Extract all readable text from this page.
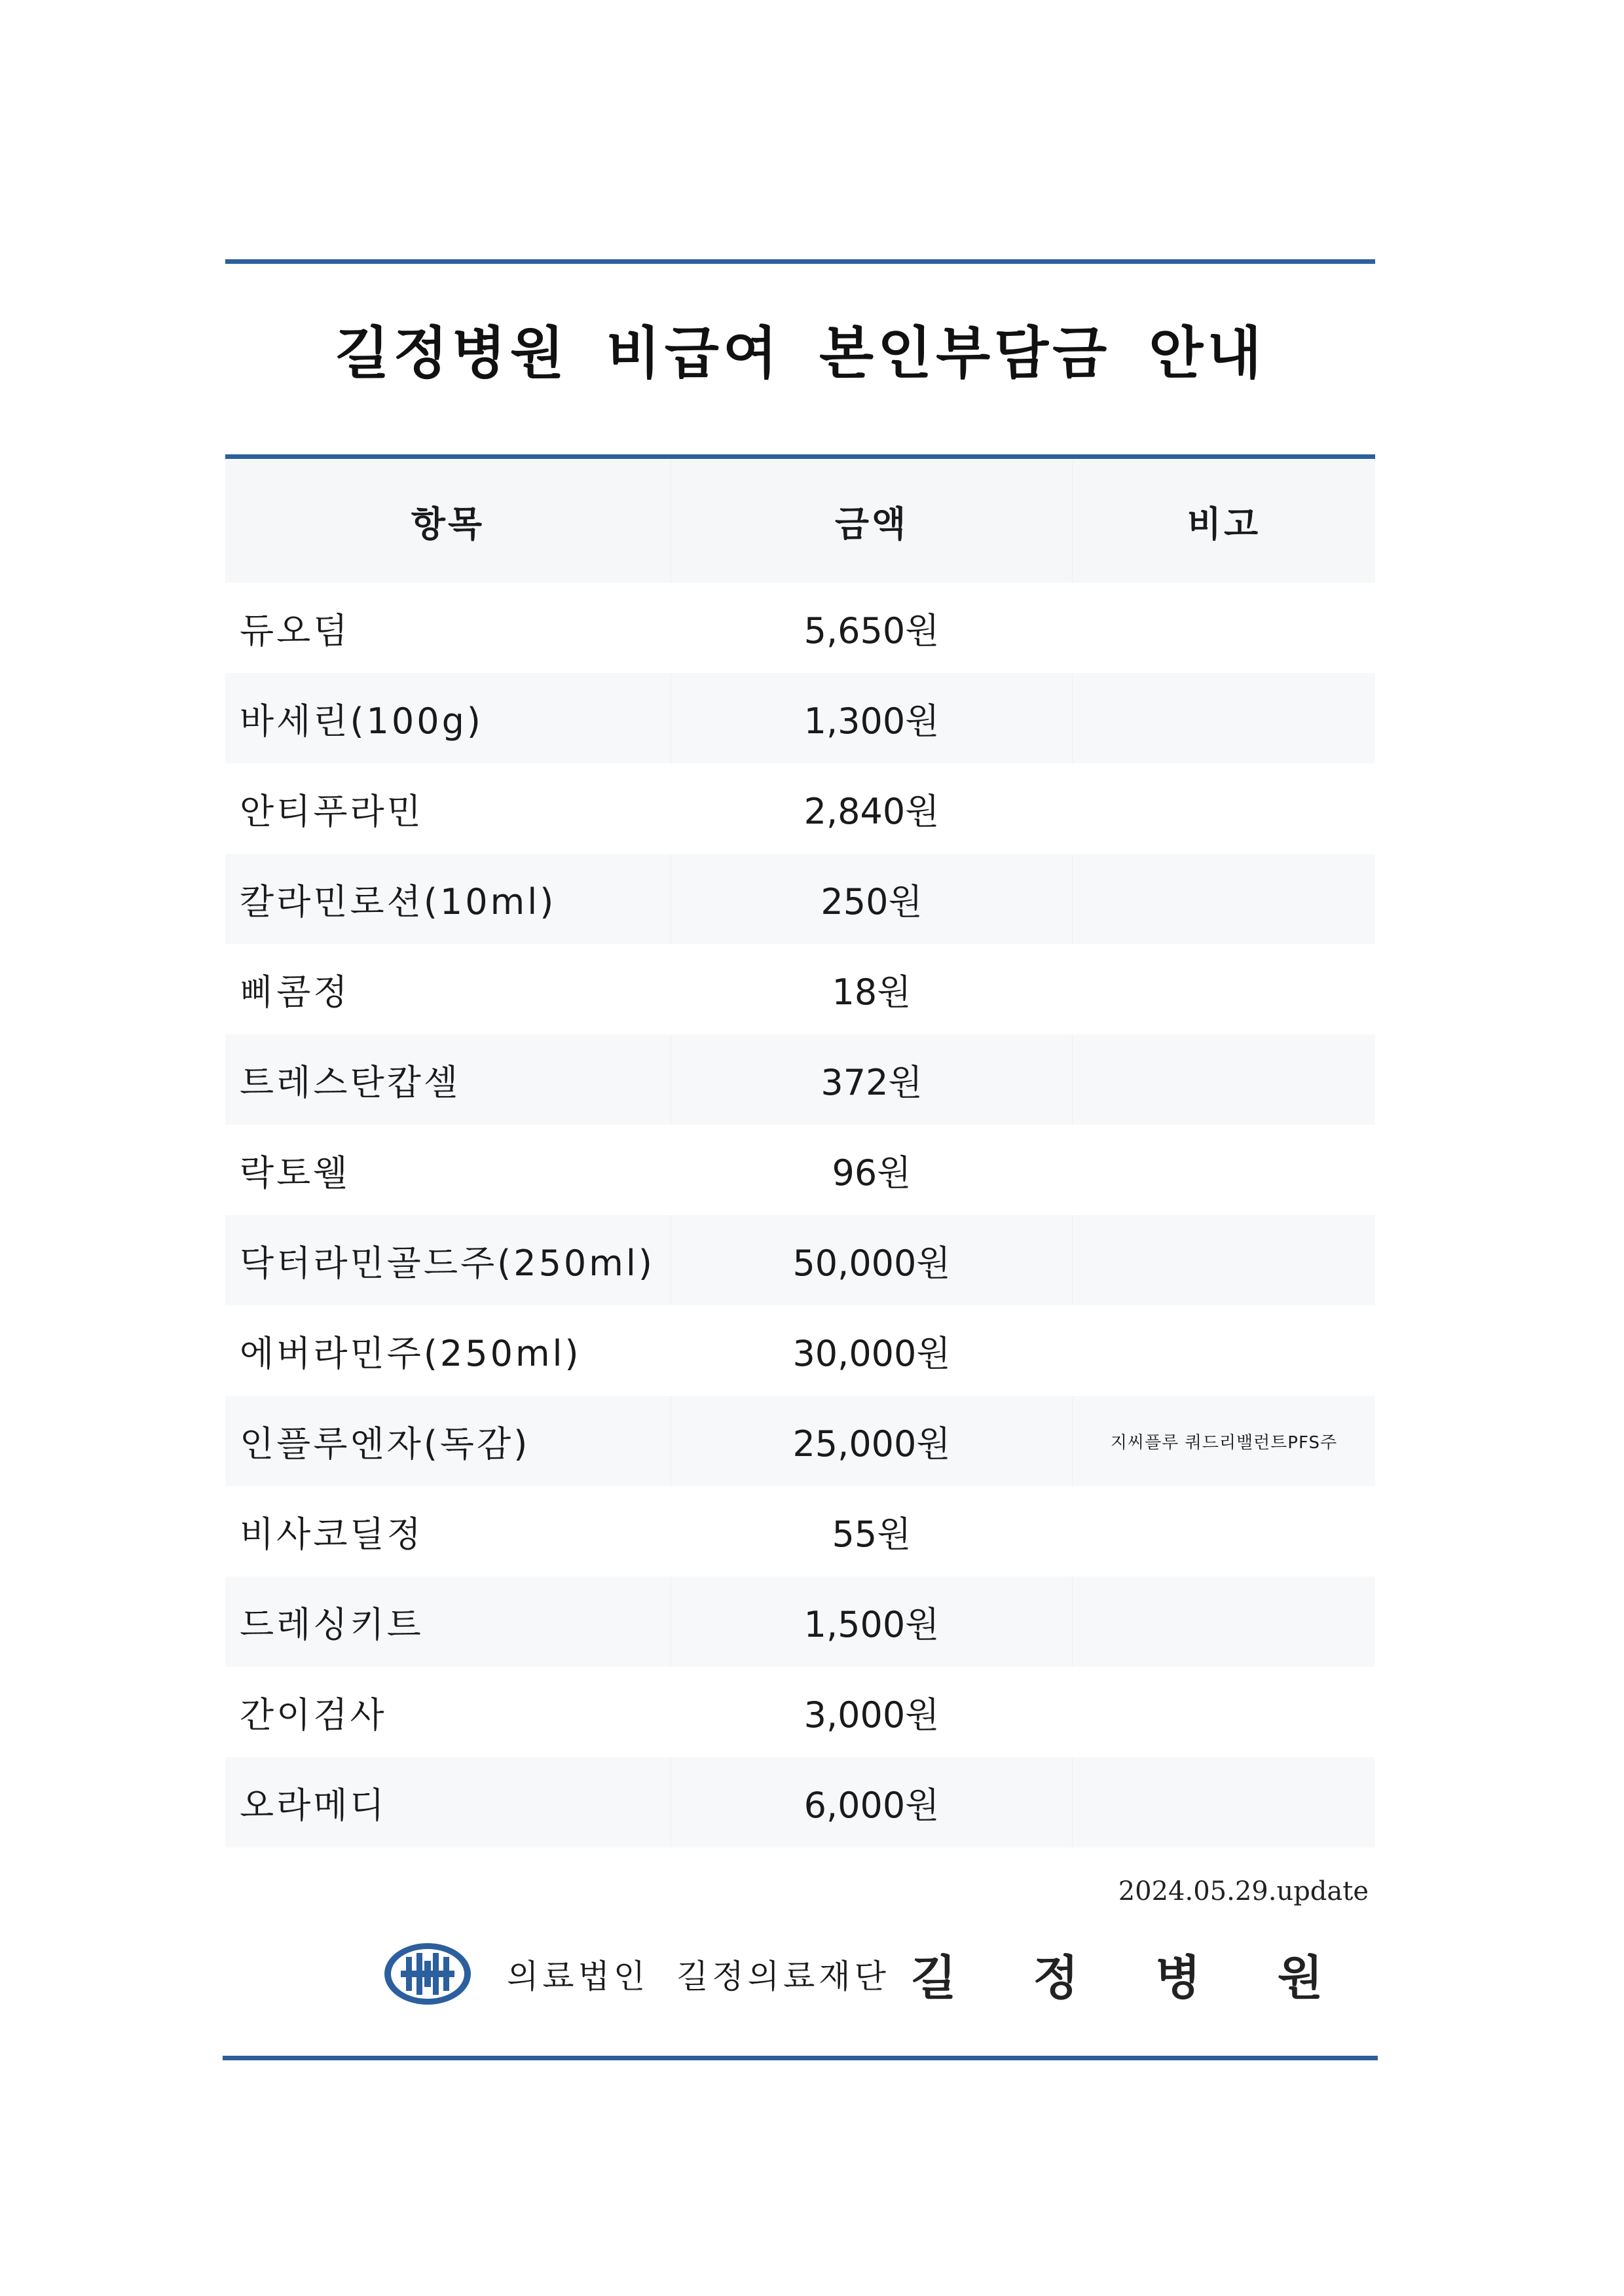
길정병원 비급여 본인부담금 안내
항목	금액	비고
듀오덤	5,650원
바세린(100g)	1,300원
안티푸라민	2,840원
칼라민로션(10ml)	250원
삐콤정	18원
트레스탄캅셀	372원
락토웰	96원
닥터라민골드주(250ml)	50,000원
에버라민주(250ml)	30,000원
인플루엔자(독감)	25,000원	지씨플루 쿼드리밸런트PFS주
비사코딜정	55원
드레싱키트	1,500원
간이검사	3,000원
오라메디	6,000원
2024.05.29.update
의료법인 길정의료재단 길 정 병 원
